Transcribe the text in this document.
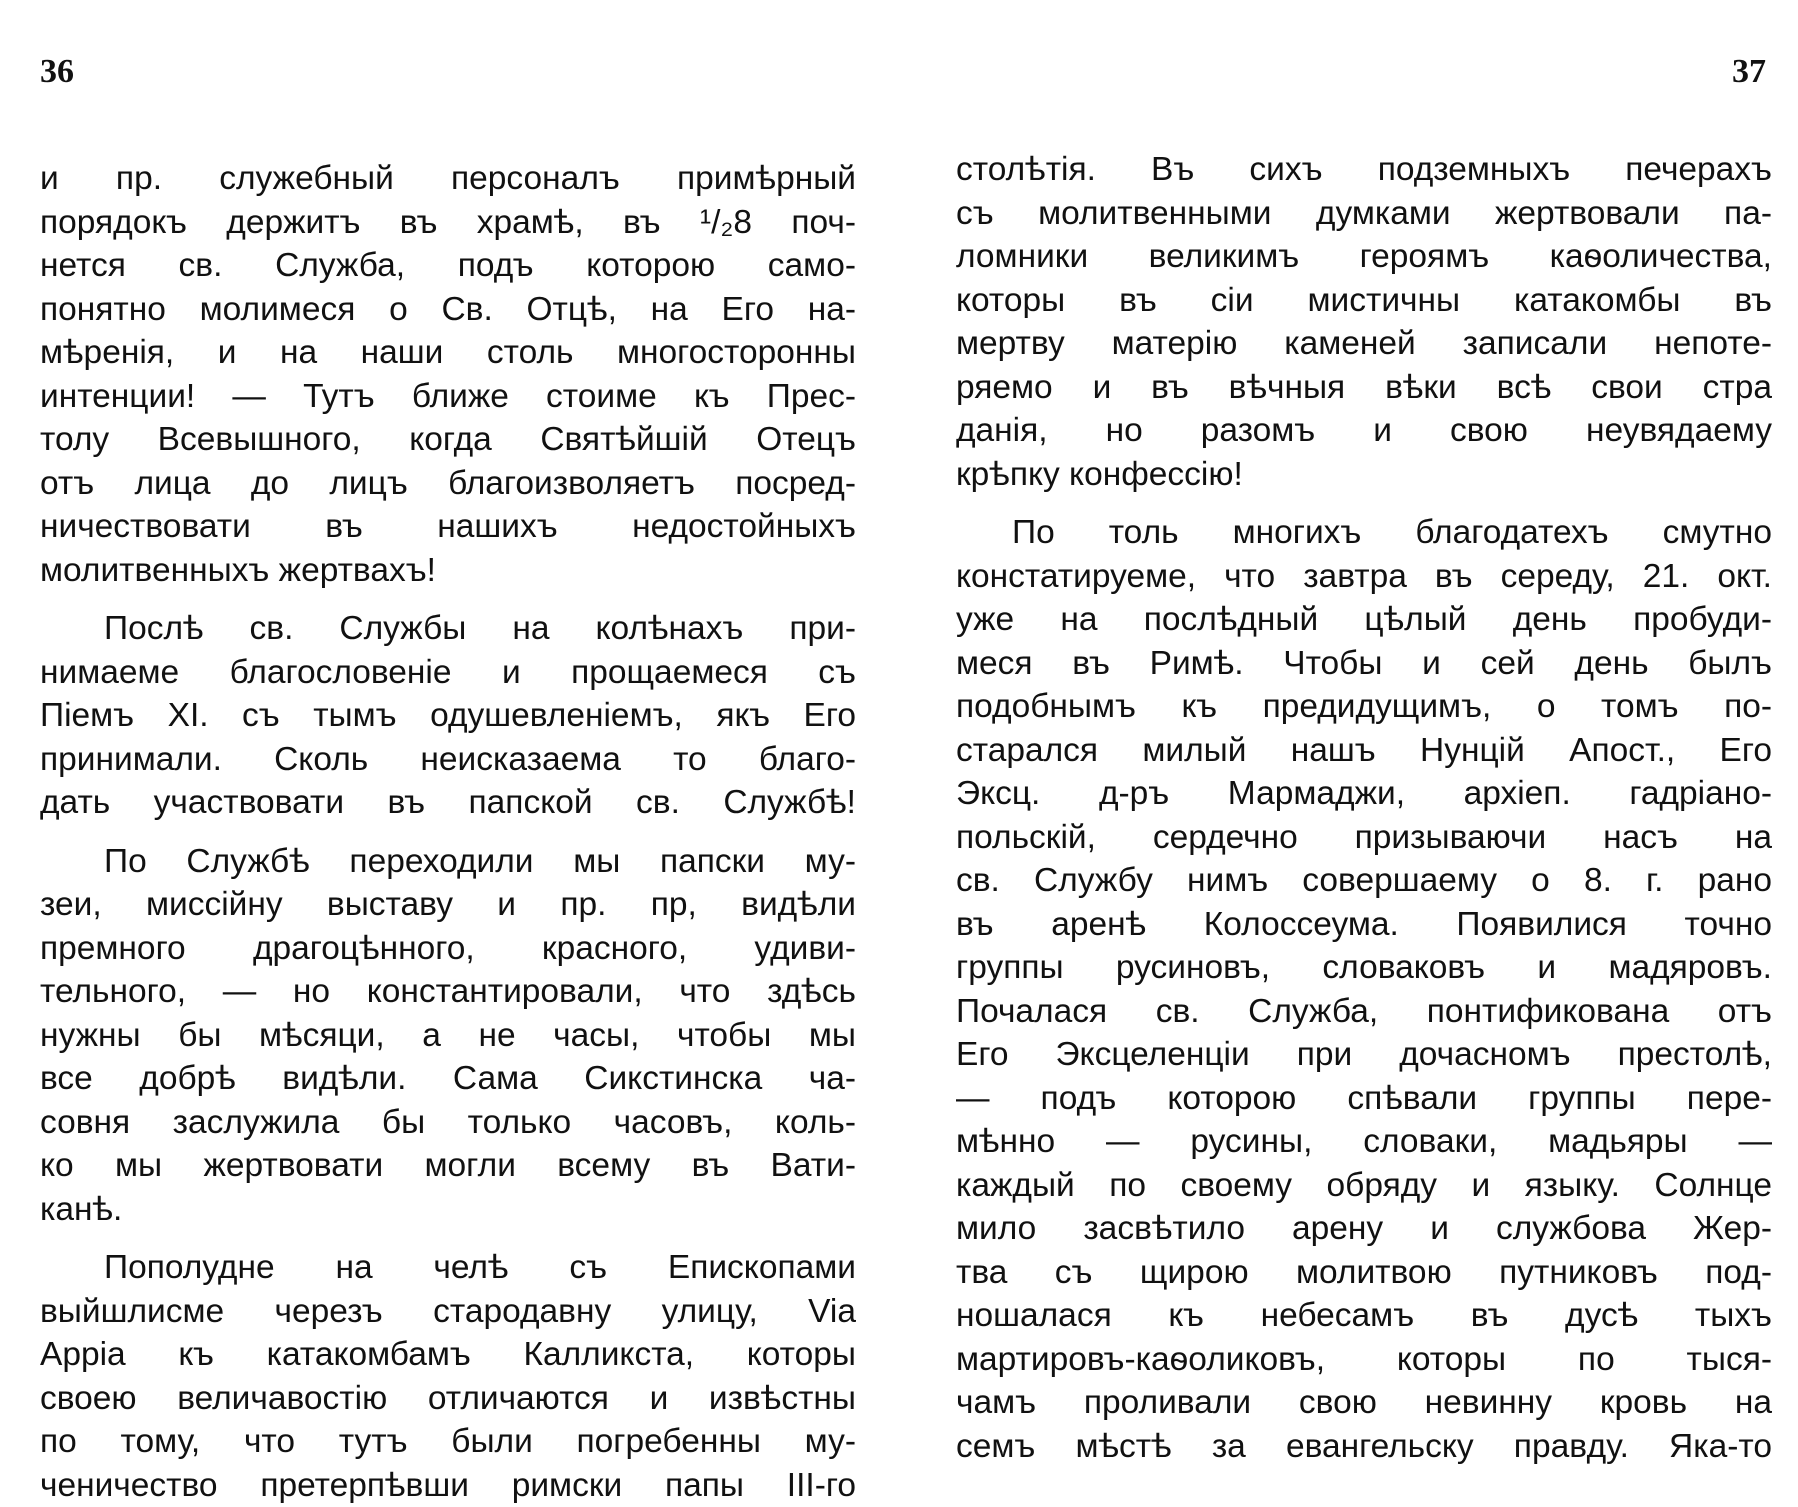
36

и пр. служебный персоналъ примѣрный
порядокъ держитъ въ храмѣ, въ ¹/₂8 поч-
нется св. Служба, подъ которою само-
понятно молимеся о Св. Отцѣ, на Его на-
мѣренія, и на наши столь многосторонны
интенции! — Тутъ ближе стоиме къ Прес-
толу Всевышного, когда Святѣйшій Отецъ
отъ лица до лицъ благоизволяетъ посред-
ничествовати въ нашихъ недостойныхъ
молитвенныхъ жертвахъ!

Послѣ св. Службы на колѣнахъ при-
нимаеме благословеніе и прощаемеся съ
Піемъ XI. съ тымъ одушевленіемъ, якъ Его
принимали. Сколь неисказаема то благо-
дать участвовати въ папской св. Службѣ!

По Службѣ переходили мы папски му-
зеи, миссійну выставу и пр. пр, видѣли
премного драгоцѣнного, красного, удиви-
тельного, — но константировали, что здѣсь
нужны бы мѣсяци, а не часы, чтобы мы
все добрѣ видѣли. Сама Сикстинска ча-
совня заслужила бы только часовъ, коль-
ко мы жертвовати могли всему въ Вати-
канѣ.

Пополудне на челѣ съ Епископами
выйшлисме черезъ стародавну улицу, Via
Appia къ катакомбамъ Калликста, которы
своею величавостію отличаются и извѣстны
по тому, что тутъ были погребенны му-
ченичество претерпѣвши римски папы III-го

37

столѣтія. Въ сихъ подземныхъ печерахъ
съ молитвенными думками жертвовали па-
ломники великимъ героямъ каѳоличества,
которы въ сіи мистичны катакомбы въ
мертву матерію каменей записали непоте-
ряемо и въ вѣчныя вѣки всѣ свои стра
данія, но разомъ и свою неувядаему
крѣпку конфессію!

По толь многихъ благодатехъ смутно
констатируеме, что завтра въ середу, 21. окт.
уже на послѣдный цѣлый день пробуди-
меся въ Римѣ. Чтобы и сей день былъ
подобнымъ къ предидущимъ, о томъ по-
старался милый нашъ Нунцій Апост., Его
Эксц. д-ръ Мармаджи, архіеп. гадріано-
польскій, сердечно призываючи насъ на
св. Службу нимъ совершаему о 8. г. рано
въ аренѣ Колоссеума. Появилися точно
группы русиновъ, словаковъ и мадяровъ.
Почалася св. Служба, понтификована отъ
Его Эксцеленціи при дочасномъ престолѣ,
— подъ которою спѣвали группы пере-
мѣнно — русины, словаки, мадьяры —
каждый по своему обряду и языку. Солнце
мило засвѣтило арену и службова Жер-
тва съ щирою молитвою путниковъ под-
ношалася къ небесамъ въ дусѣ тыхъ
мартировъ-каѳоликовъ, которы по тыся-
чамъ проливали свою невинну кровь на
семъ мѣстѣ за евангельску правду. Яка-то
